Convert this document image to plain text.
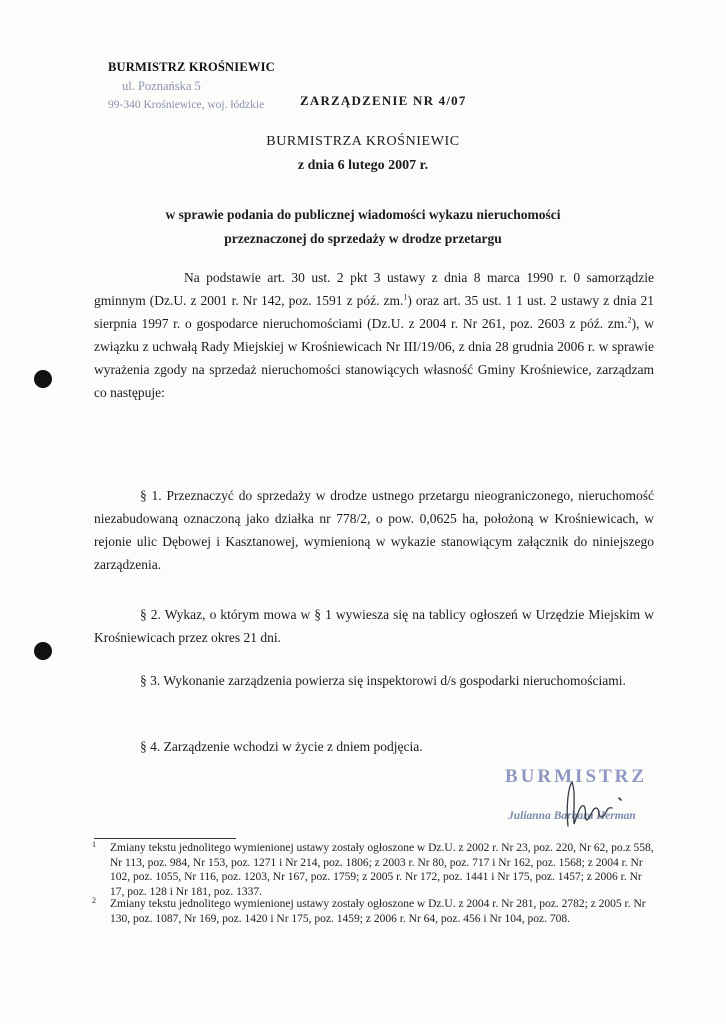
BURMISTRZ KROŚNIEWIC
ul. Poznańska 5
99-340 Krośniewice, woj. łódzkie	ZARZĄDZENIE NR 4/07
BURMISTRZA KROŚNIEWIC
z dnia 6 lutego 2007 r.
w sprawie podania do publicznej wiadomości wykazu nieruchomości
przeznaczonej do sprzedaży w drodze przetargu
Na podstawie art. 30 ust. 2 pkt 3 ustawy z dnia 8 marca 1990 r. 0 samorządzie gminnym (Dz.U. z 2001 r. Nr 142, poz. 1591 z póź. zm.$^1$) oraz art. 35 ust. 1 1 ust. 2 ustawy z dnia 21 sierpnia 1997 r. o gospodarce nieruchomościami (Dz.U. z 2004 r. Nr 261, poz. 2603 z póź. zm.$^2$), w związku z uchwałą Rady Miejskiej w Krośniewicach Nr III/19/06, z dnia 28 grudnia 2006 r. w sprawie wyrażenia zgody na sprzedaż nieruchomości stanowiących własność Gminy Krośniewice, zarządzam co następuje:
§ 1. Przeznaczyć do sprzedaży w drodze ustnego przetargu nieograniczonego, nieruchomość niezabudowaną oznaczoną jako działka nr 778/2, o pow. 0,0625 ha, położoną w Krośniewicach, w rejonie ulic Dębowej i Kasztanowej, wymienioną w wykazie stanowiącym załącznik do niniejszego zarządzenia.
§ 2. Wykaz, o którym mowa w § 1 wywiesza się na tablicy ogłoszeń w Urzędzie Miejskim w Krośniewicach przez okres 21 dni.
§ 3. Wykonanie zarządzenia powierza się inspektorowi d/s gospodarki nieruchomościami.
§ 4. Zarządzenie wchodzi w życie z dniem podjęcia.
BURMISTRZ
Julianna Barbara Herman
1 Zmiany tekstu jednolitego wymienionej ustawy zostały ogłoszone w Dz.U. z 2002 r. Nr 23, poz. 220, Nr 62, po.z 558, Nr 113, poz. 984, Nr 153, poz. 1271 i Nr 214, poz. 1806; z 2003 r. Nr 80, poz. 717 i Nr 162, poz. 1568; z 2004 r. Nr 102, poz. 1055, Nr 116, poz. 1203, Nr 167, poz. 1759; z 2005 r. Nr 172, poz. 1441 i Nr 175, poz. 1457; z 2006 r. Nr 17, poz. 128 i Nr 181, poz. 1337.
2 Zmiany tekstu jednolitego wymienionej ustawy zostały ogłoszone w Dz.U. z 2004 r. Nr 281, poz. 2782; z 2005 r. Nr 130, poz. 1087, Nr 169, poz. 1420 i Nr 175, poz. 1459; z 2006 r. Nr 64, poz. 456 i Nr 104, poz. 708.
